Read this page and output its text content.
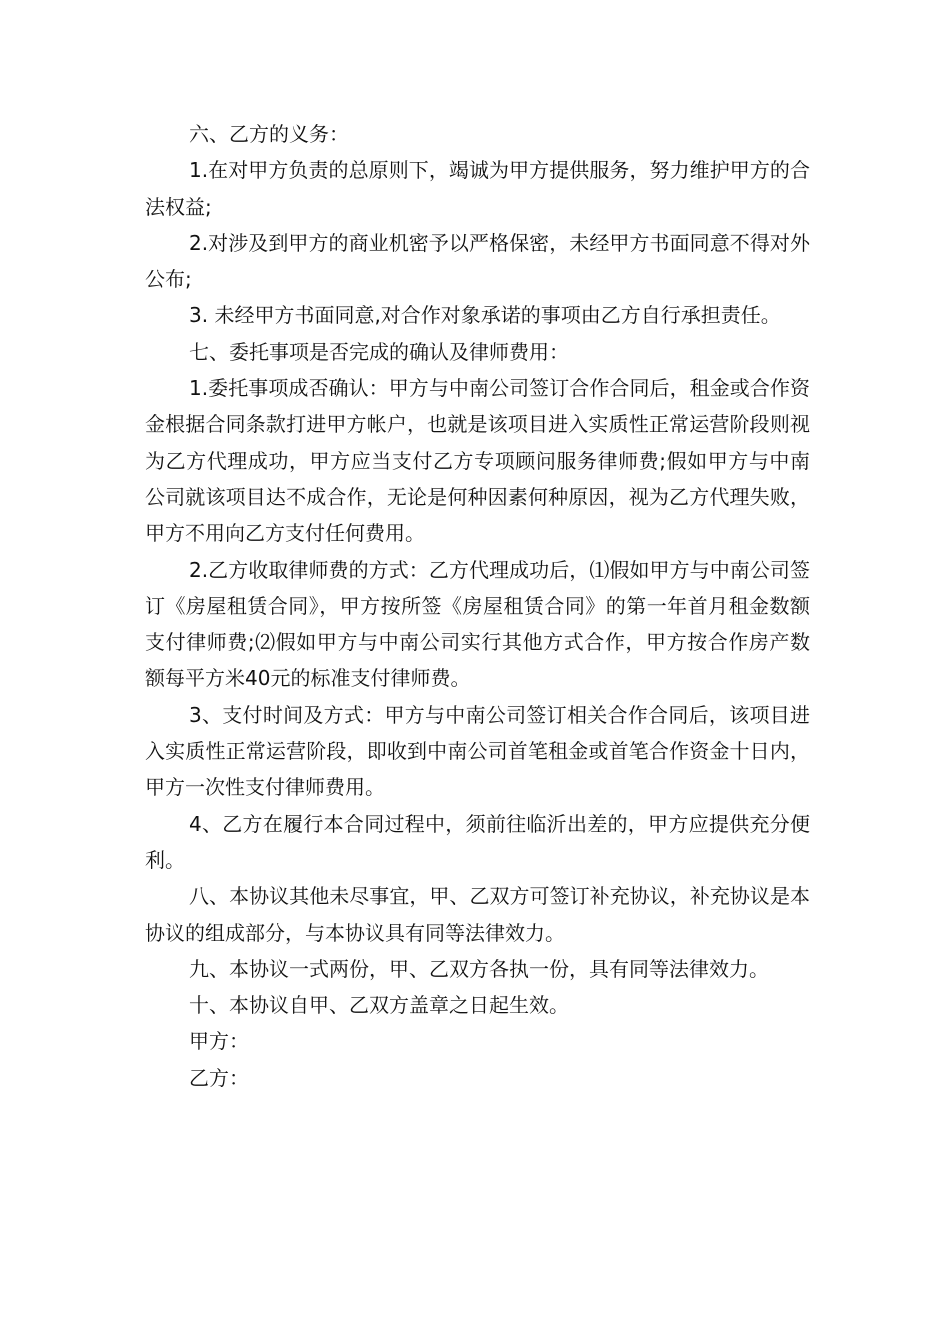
六、乙方的义务：

1.在对甲方负责的总原则下，竭诚为甲方提供服务，努力维护甲方的合法权益;

2.对涉及到甲方的商业机密予以严格保密，未经甲方书面同意不得对外公布;

3. 未经甲方书面同意,对合作对象承诺的事项由乙方自行承担责任。

七、委托事项是否完成的确认及律师费用：

1.委托事项成否确认：甲方与中南公司签订合作合同后，租金或合作资金根据合同条款打进甲方帐户，也就是该项目进入实质性正常运营阶段则视为乙方代理成功，甲方应当支付乙方专项顾问服务律师费;假如甲方与中南公司就该项目达不成合作，无论是何种因素何种原因，视为乙方代理失败，甲方不用向乙方支付任何费用。

2.乙方收取律师费的方式：乙方代理成功后，⑴假如甲方与中南公司签订《房屋租赁合同》，甲方按所签《房屋租赁合同》的第一年首月租金数额支付律师费;⑵假如甲方与中南公司实行其他方式合作，甲方按合作房产数额每平方米40元的标准支付律师费。

3、支付时间及方式：甲方与中南公司签订相关合作合同后，该项目进入实质性正常运营阶段，即收到中南公司首笔租金或首笔合作资金十日内，甲方一次性支付律师费用。

4、乙方在履行本合同过程中，须前往临沂出差的，甲方应提供充分便利。

八、本协议其他未尽事宜，甲、乙双方可签订补充协议，补充协议是本协议的组成部分，与本协议具有同等法律效力。

九、本协议一式两份，甲、乙双方各执一份，具有同等法律效力。

十、本协议自甲、乙双方盖章之日起生效。

甲方：

乙方：
